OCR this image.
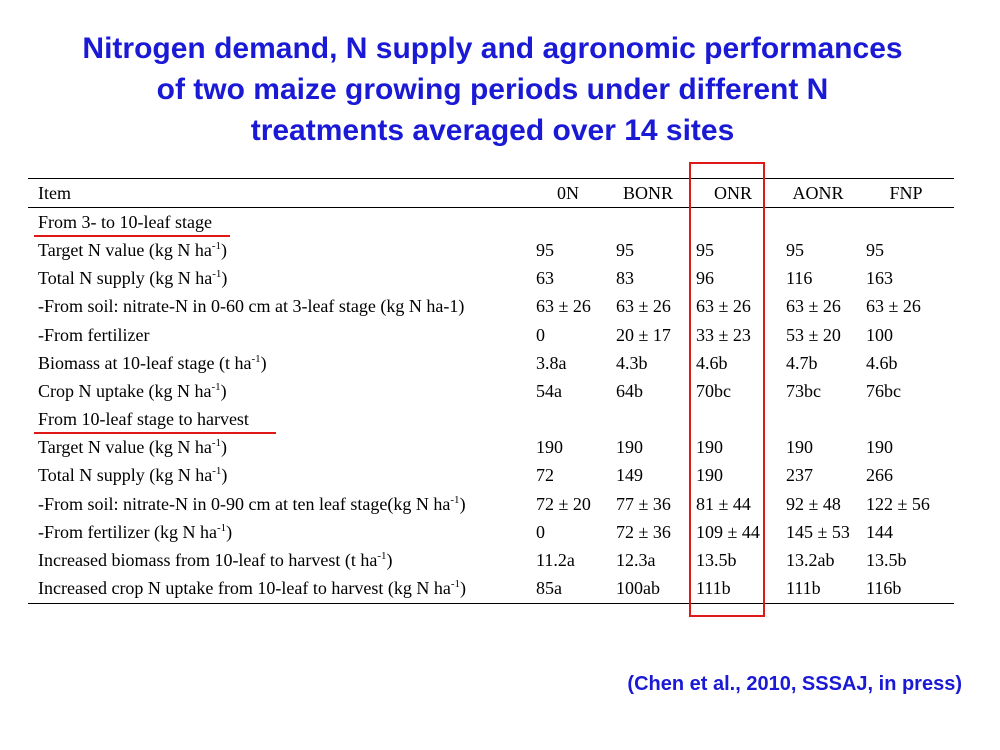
Nitrogen demand, N supply and agronomic performances
of two maize growing periods under different N
treatments averaged over 14 sites
Item	0N	BONR	ONR	AONR	FNP
From 3- to 10-leaf stage					

Target N value (kg N $ha^{-1}$)	95	95	95	95	95
Total N supply (kg N $ha^{-1}$)	63	83	96	116	163
-From soil: nitrate-N in 0-60 cm at 3-leaf stage (kg N ha-1)	63 ± 26	63 ± 26	63 ± 26	63 ± 26	63 ± 26
-From fertilizer	0	20 ± 17	33 ± 23	53 ± 20	100
Biomass at 10-leaf stage (t $ha^{-1}$)	3.8a	4.3b	4.6b	4.7b	4.6b
Crop N uptake (kg N $ha^{-1}$)	54a	64b	70bc	73bc	76bc
From 10-leaf stage to harvest					

Target N value (kg N $ha^{-1}$)	190	190	190	190	190
Total N supply (kg N $ha^{-1}$)	72	149	190	237	266
-From soil: nitrate-N in 0-90 cm at ten leaf stage(kg N $ha^{-1}$)	72 ± 20	77 ± 36	81 ± 44	92 ± 48	122 ± 56
-From fertilizer (kg N $ha^{-1}$)	0	72 ± 36	109 ± 44	145 ± 53	144
Increased biomass from 10-leaf to harvest (t $ha^{-1}$)	11.2a	12.3a	13.5b	13.2ab	13.5b
Increased crop N uptake from 10-leaf to harvest (kg N $ha^{-1}$)	85a	100ab	111b	111b	116b
(Chen et al., 2010, SSSAJ, in press)
